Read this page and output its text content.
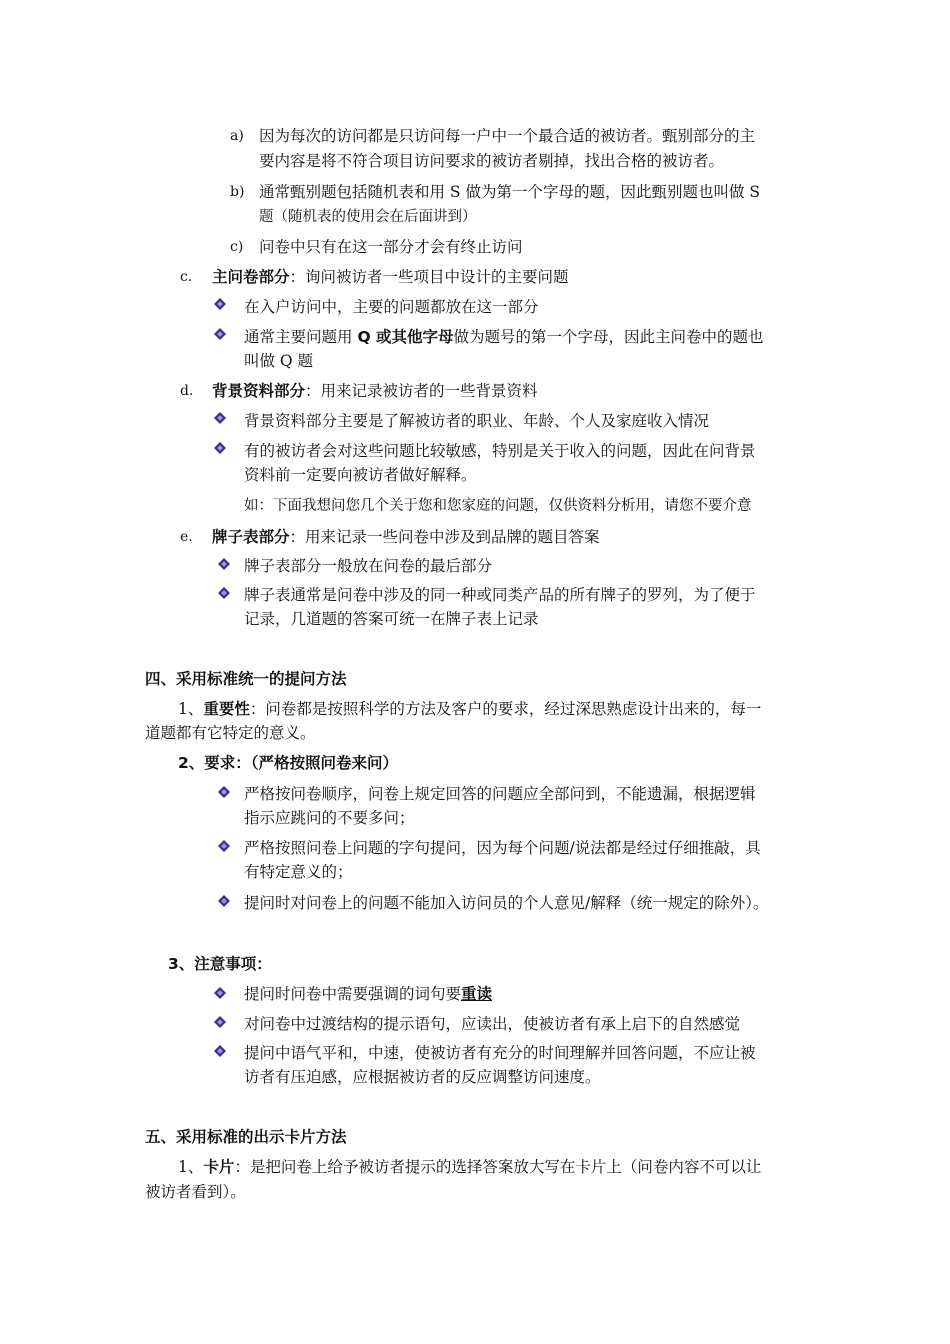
a) 因为每次的访问都是只访问每一户中一个最合适的被访者。甄别部分的主
要内容是将不符合项目访问要求的被访者剔掉，找出合格的被访者。
b) 通常甄别题包括随机表和用 S 做为第一个字母的题，因此甄别题也叫做 S
题（随机表的使用会在后面讲到）
c) 问卷中只有在这一部分才会有终止访问
c. 主问卷部分：询问被访者一些项目中设计的主要问题
在入户访问中，主要的问题都放在这一部分
通常主要问题用 Q 或其他字母做为题号的第一个字母，因此主问卷中的题也
叫做 Q 题
d. 背景资料部分：用来记录被访者的一些背景资料
背景资料部分主要是了解被访者的职业、年龄、个人及家庭收入情况
有的被访者会对这些问题比较敏感，特别是关于收入的问题，因此在问背景
资料前一定要向被访者做好解释。
如：下面我想问您几个关于您和您家庭的问题，仅供资料分析用，请您不要介意
e. 牌子表部分：用来记录一些问卷中涉及到品牌的题目答案
牌子表部分一般放在问卷的最后部分
牌子表通常是问卷中涉及的同一种或同类产品的所有牌子的罗列，为了便于
记录，几道题的答案可统一在牌子表上记录
四、采用标准统一的提问方法
1、重要性：问卷都是按照科学的方法及客户的要求，经过深思熟虑设计出来的，每一
道题都有它特定的意义。
2、要求：（严格按照问卷来问）
严格按问卷顺序，问卷上规定回答的问题应全部问到，不能遗漏，根据逻辑
指示应跳问的不要多问；
严格按照问卷上问题的字句提问，因为每个问题/说法都是经过仔细推敲，具
有特定意义的；
提问时对问卷上的问题不能加入访问员的个人意见/解释（统一规定的除外）。
3、注意事项：
提问时问卷中需要强调的词句要重读
对问卷中过渡结构的提示语句，应读出，使被访者有承上启下的自然感觉
提问中语气平和，中速，使被访者有充分的时间理解并回答问题，不应让被
访者有压迫感，应根据被访者的反应调整访问速度。
五、采用标准的出示卡片方法
1、卡片：是把问卷上给予被访者提示的选择答案放大写在卡片上（问卷内容不可以让
被访者看到）。
